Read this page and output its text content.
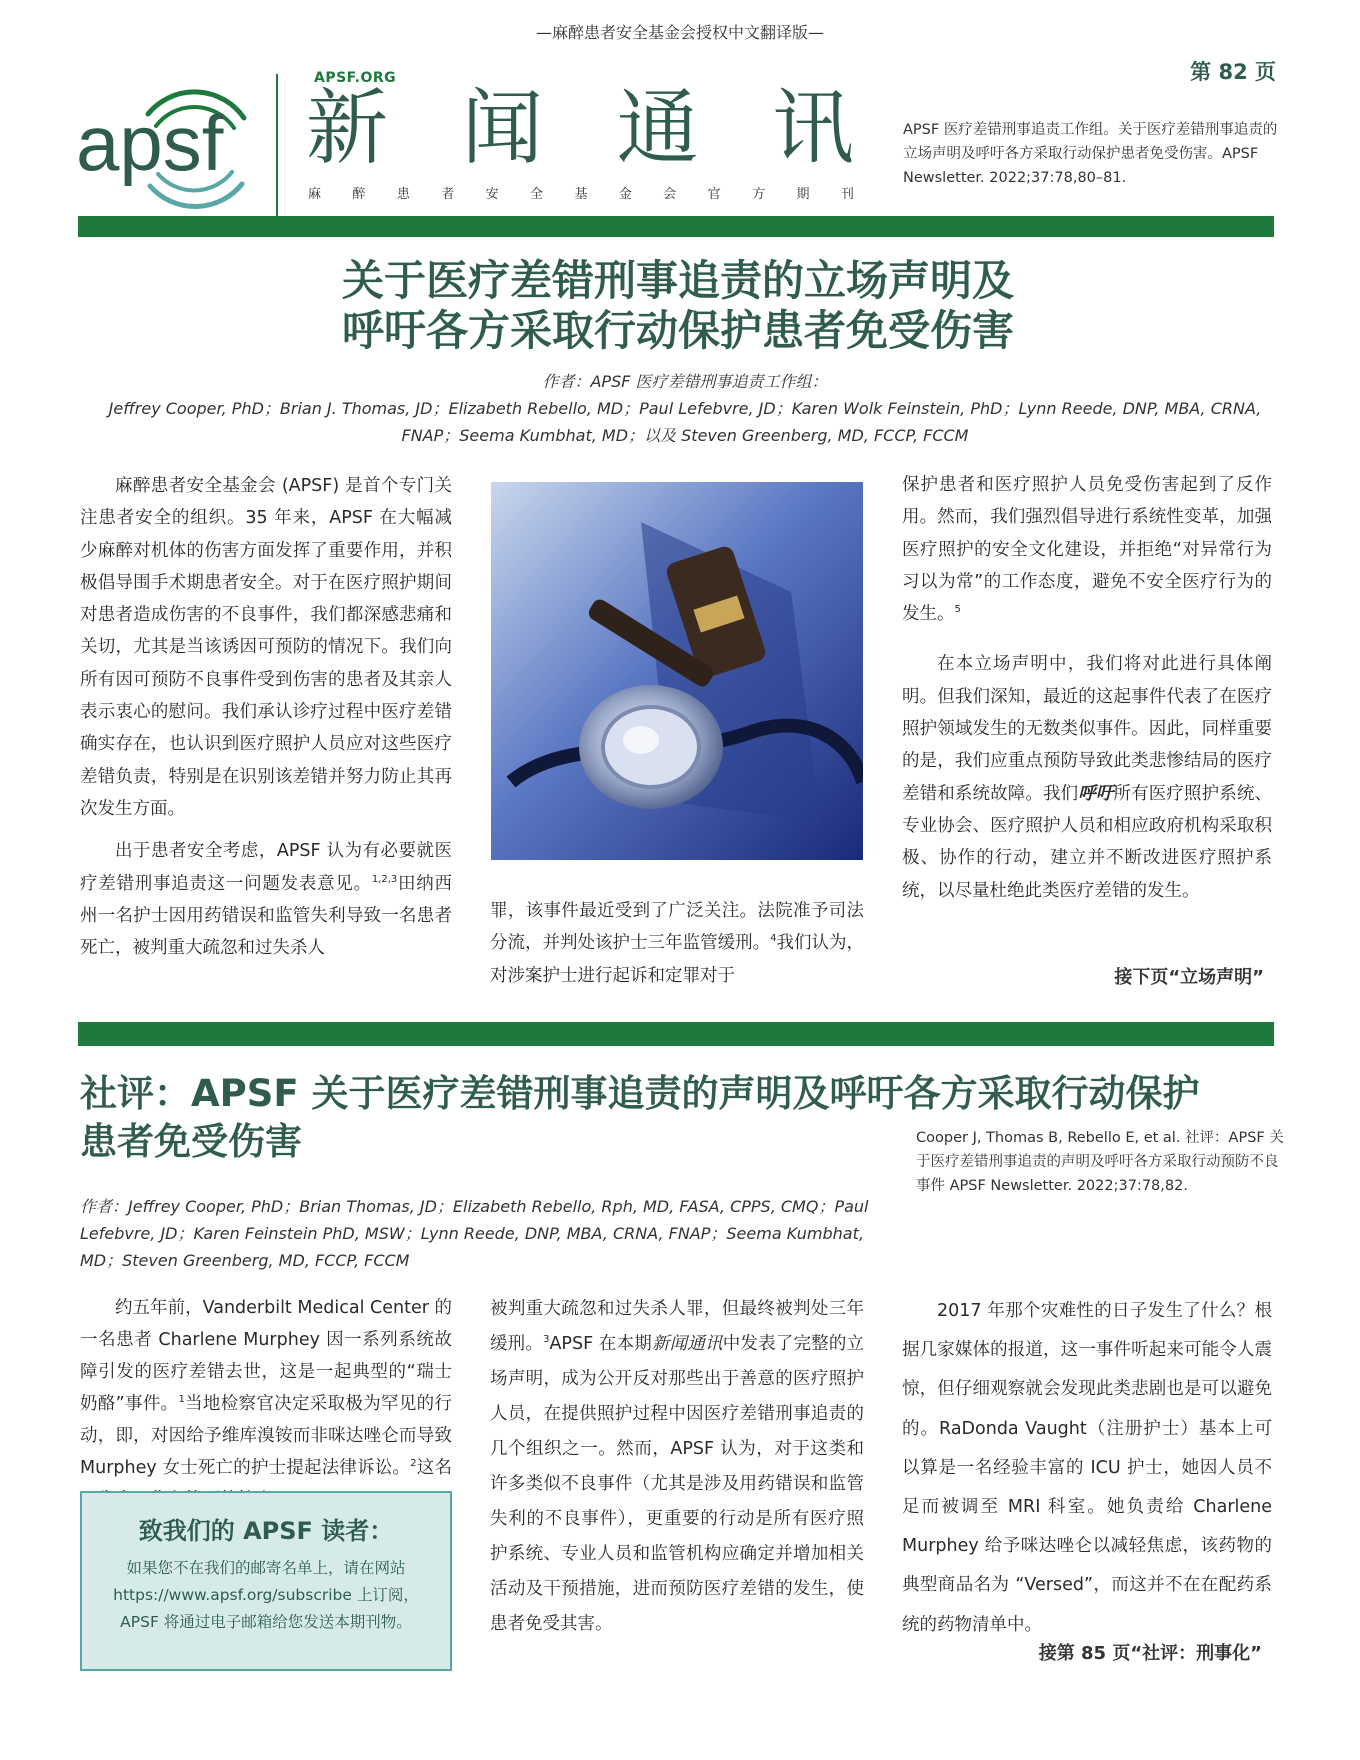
—麻醉患者安全基金会授权中文翻译版—
apsf
APSF.ORG
新 闻 通 讯
麻 醉 患 者 安 全 基 金 会 官 方 期 刊
第 82 页
APSF 医疗差错刑事追责工作组。关于医疗差错刑事追责的立场声明及呼吁各方采取行动保护患者免受伤害。APSF Newsletter. 2022;37:78,80–81.
关于医疗差错刑事追责的立场声明及
呼吁各方采取行动保护患者免受伤害
作者：APSF 医疗差错刑事追责工作组：
Jeffrey Cooper, PhD；Brian J. Thomas, JD；Elizabeth Rebello, MD；Paul Lefebvre, JD；Karen Wolk Feinstein, PhD；Lynn Reede, DNP, MBA, CRNA, FNAP；Seema Kumbhat, MD；以及 Steven Greenberg, MD, FCCP, FCCM

麻醉患者安全基金会 (APSF) 是首个专门关注患者安全的组织。35 年来，APSF 在大幅减少麻醉对机体的伤害方面发挥了重要作用，并积极倡导围手术期患者安全。对于在医疗照护期间对患者造成伤害的不良事件，我们都深感悲痛和关切，尤其是当该诱因可预防的情况下。我们向所有因可预防不良事件受到伤害的患者及其亲人表示衷心的慰问。我们承认诊疗过程中医疗差错确实存在，也认识到医疗照护人员应对这些医疗差错负责，特别是在识别该差错并努力防止其再次发生方面。

出于患者安全考虑，APSF 认为有必要就医疗差错刑事追责这一问题发表意见。$^{1,2,3}$田纳西州一名护士因用药错误和监管失利导致一名患者死亡，被判重大疏忽和过失杀人

罪，该事件最近受到了广泛关注。法院准予司法分流，并判处该护士三年监管缓刑。$^4$我们认为，对涉案护士进行起诉和定罪对于

保护患者和医疗照护人员免受伤害起到了反作用。然而，我们强烈倡导进行系统性变革，加强医疗照护的安全文化建设，并拒绝“对异常行为习以为常”的工作态度，避免不安全医疗行为的发生。$^5$

在本立场声明中，我们将对此进行具体阐明。但我们深知，最近的这起事件代表了在医疗照护领域发生的无数类似事件。因此，同样重要的是，我们应重点预防导致此类悲惨结局的医疗差错和系统故障。我们呼吁所有医疗照护系统、专业协会、医疗照护人员和相应政府机构采取积极、协作的行动，建立并不断改进医疗照护系统，以尽量杜绝此类医疗差错的发生。

接下页“立场声明”
社评：APSF 关于医疗差错刑事追责的声明及呼吁各方采取行动保护
患者免受伤害	Cooper J, Thomas B, Rebello E, et al. 社评：APSF 关于医疗差错刑事追责的声明及呼吁各方采取行动预防不良事件 APSF Newsletter. 2022;37:78,82.
作者：Jeffrey Cooper, PhD；Brian Thomas, JD；Elizabeth Rebello, Rph, MD, FASA, CPPS, CMQ；Paul Lefebvre, JD；Karen Feinstein PhD, MSW；Lynn Reede, DNP, MBA, CRNA, FNAP；Seema Kumbhat, MD；Steven Greenberg, MD, FCCP, FCCM

约五年前，Vanderbilt Medical Center 的一名患者 Charlene Murphey 因一系列系统故障引发的医疗差错去世，这是一起典型的“瑞士奶酪”事件。$^1$当地检察官决定采取极为罕见的行动，即，对因给予维库溴铵而非咪达唑仑而导致 Murphey 女士死亡的护士提起法律诉讼。$^2$这名

致我们的 APSF 读者：
如果您不在我们的邮寄名单上，请在网站 https://www.apsf.org/subscribe 上订阅，APSF 将通过电子邮箱给您发送本期刊物。

被判重大疏忽和过失杀人罪，但最终被判处三年缓刑。$^3$APSF 在本期新闻通讯中发表了完整的立场声明，成为公开反对那些出于善意的医疗照护人员，在提供照护过程中因医疗差错刑事追责的几个组织之一。然而，APSF 认为，对于这类和许多类似不良事件（尤其是涉及用药错误和监管失利的不良事件），更重要的行动是所有医疗照护系统、专业人员和监管机构应确定并增加相关活动及干预措施，进而预防医疗差错的发生，使患者免受其害。

2017 年那个灾难性的日子发生了什么？根据几家媒体的报道，这一事件听起来可能令人震惊，但仔细观察就会发现此类悲剧也是可以避免的。RaDonda Vaught（注册护士）基本上可以算是一名经验丰富的 ICU 护士，她因人员不足而被调至 MRI 科室。她负责给 Charlene Murphey 给予咪达唑仑以减轻焦虑，该药物的典型商品名为 “Versed”，而这并不在在配药系统的药物清单中。

接第 85 页“社评：刑事化”
